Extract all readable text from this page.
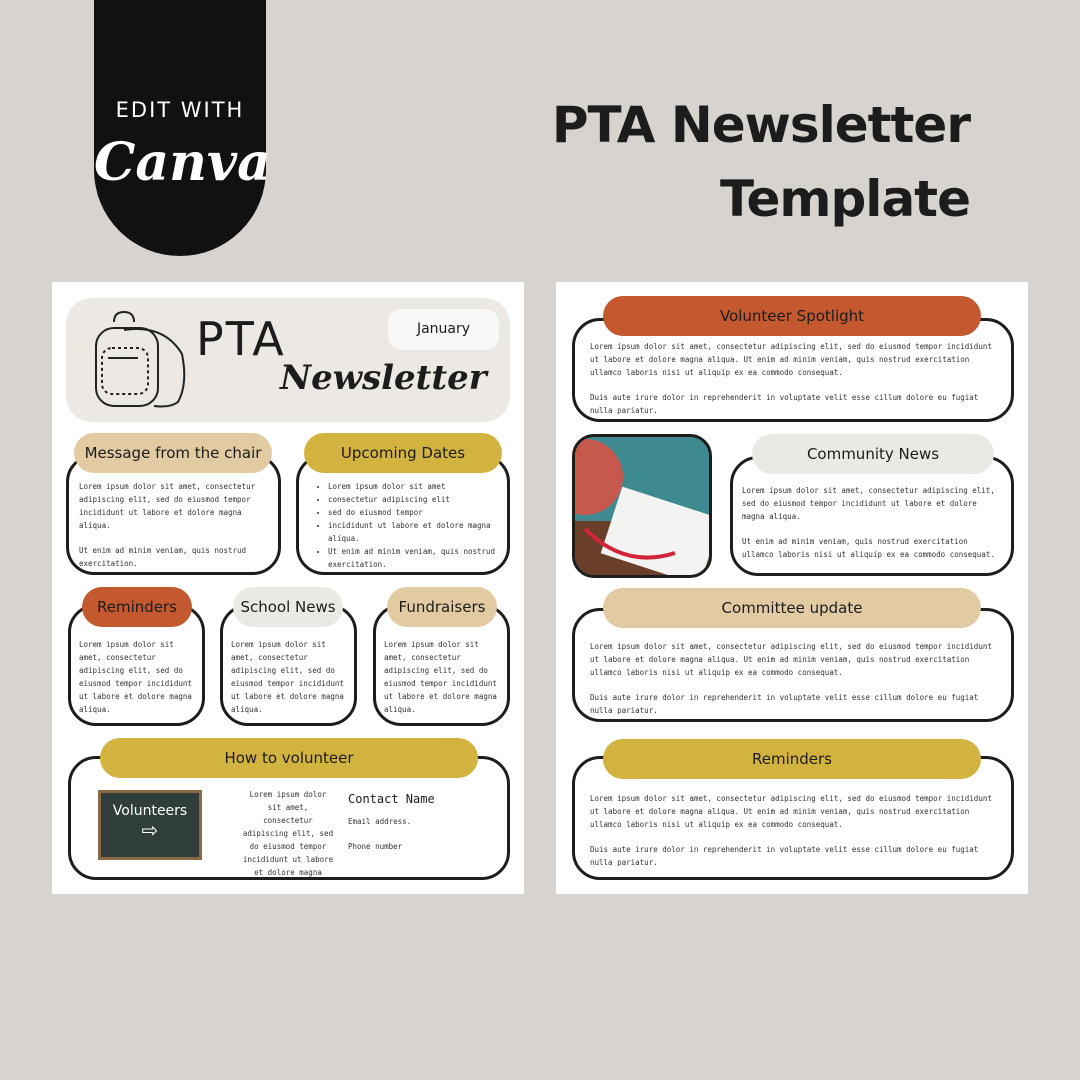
EDIT WITH
Canva
PTA Newsletter
Template
PTA
Newsletter
January
Message from the chair
Lorem ipsum dolor sit amet, consectetur adipiscing elit, sed do eiusmod tempor incididunt ut labore et dolore magna aliqua.
Ut enim ad minim veniam, quis nostrud exercitation.
Upcoming Dates
• Lorem ipsum dolor sit amet
• consectetur adipiscing elit
• sed do eiusmod tempor
• incididunt ut labore et dolore magna aliqua.
• Ut enim ad minim veniam, quis nostrud exercitation.
Reminders
Lorem ipsum dolor sit amet, consectetur adipiscing elit, sed do eiusmod tempor incididunt ut labore et dolore magna aliqua.
School News
Lorem ipsum dolor sit amet, consectetur adipiscing elit, sed do eiusmod tempor incididunt ut labore et dolore magna aliqua.
Fundraisers
Lorem ipsum dolor sit amet, consectetur adipiscing elit, sed do eiusmod tempor incididunt ut labore et dolore magna aliqua.
How to volunteer
Volunteers
⇨
Lorem ipsum dolor sit amet, consectetur adipiscing elit, sed do eiusmod tempor incididunt ut labore et dolore magna
Contact Name
Email address.
Phone number
Volunteer Spotlight
Lorem ipsum dolor sit amet, consectetur adipiscing elit, sed do eiusmod tempor incididunt ut labore et dolore magna aliqua. Ut enim ad minim veniam, quis nostrud exercitation ullamco laboris nisi ut aliquip ex ea commodo consequat.
Duis aute irure dolor in reprehenderit in voluptate velit esse cillum dolore eu fugiat nulla pariatur.
Community News
Lorem ipsum dolor sit amet, consectetur adipiscing elit, sed do eiusmod tempor incididunt ut labore et dolore magna aliqua.
Ut enim ad minim veniam, quis nostrud exercitation ullamco laboris nisi ut aliquip ex ea commodo consequat.
Committee update
Lorem ipsum dolor sit amet, consectetur adipiscing elit, sed do eiusmod tempor incididunt ut labore et dolore magna aliqua. Ut enim ad minim veniam, quis nostrud exercitation ullamco laboris nisi ut aliquip ex ea commodo consequat.
Duis aute irure dolor in reprehenderit in voluptate velit esse cillum dolore eu fugiat nulla pariatur.
Reminders
Lorem ipsum dolor sit amet, consectetur adipiscing elit, sed do eiusmod tempor incididunt ut labore et dolore magna aliqua. Ut enim ad minim veniam, quis nostrud exercitation ullamco laboris nisi ut aliquip ex ea commodo consequat.
Duis aute irure dolor in reprehenderit in voluptate velit esse cillum dolore eu fugiat nulla pariatur.
